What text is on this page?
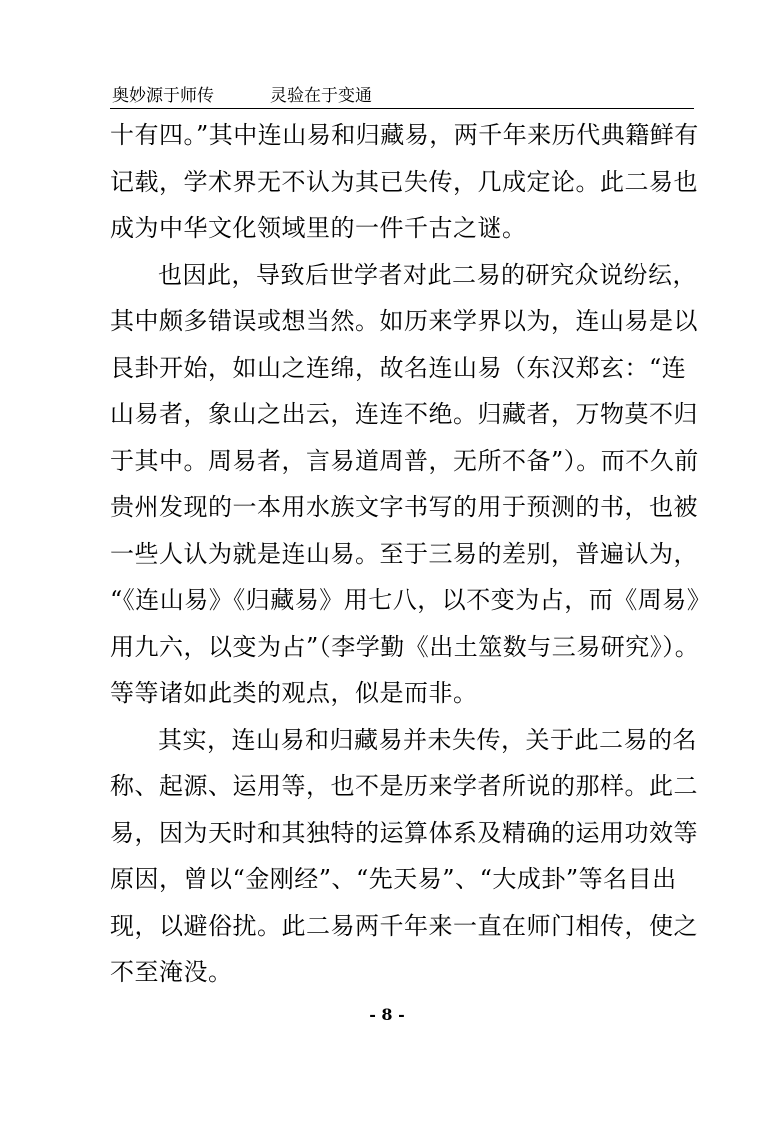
奥妙源于师传	灵验在于变通
十有四。”其中连山易和归藏易，两千年来历代典籍鲜有
记载，学术界无不认为其已失传，几成定论。此二易也
成为中华文化领域里的一件千古之谜。
也因此，导致后世学者对此二易的研究众说纷纭，
其中颇多错误或想当然。如历来学界以为，连山易是以
艮卦开始，如山之连绵，故名连山易（东汉郑玄：“连
山易者，象山之出云，连连不绝。归藏者，万物莫不归
于其中。周易者，言易道周普，无所不备”）。而不久前
贵州发现的一本用水族文字书写的用于预测的书，也被
一些人认为就是连山易。至于三易的差别，普遍认为，
“《连山易》《归藏易》用七八，以不变为占，而《周易》
用九六，以变为占”（李学勤《出土筮数与三易研究》）。
等等诸如此类的观点，似是而非。
其实，连山易和归藏易并未失传，关于此二易的名
称、起源、运用等，也不是历来学者所说的那样。此二
易，因为天时和其独特的运算体系及精确的运用功效等
原因，曾以“金刚经”、“先天易”、“大成卦”等名目出
现，以避俗扰。此二易两千年来一直在师门相传，使之
不至淹没。
- 8 -
